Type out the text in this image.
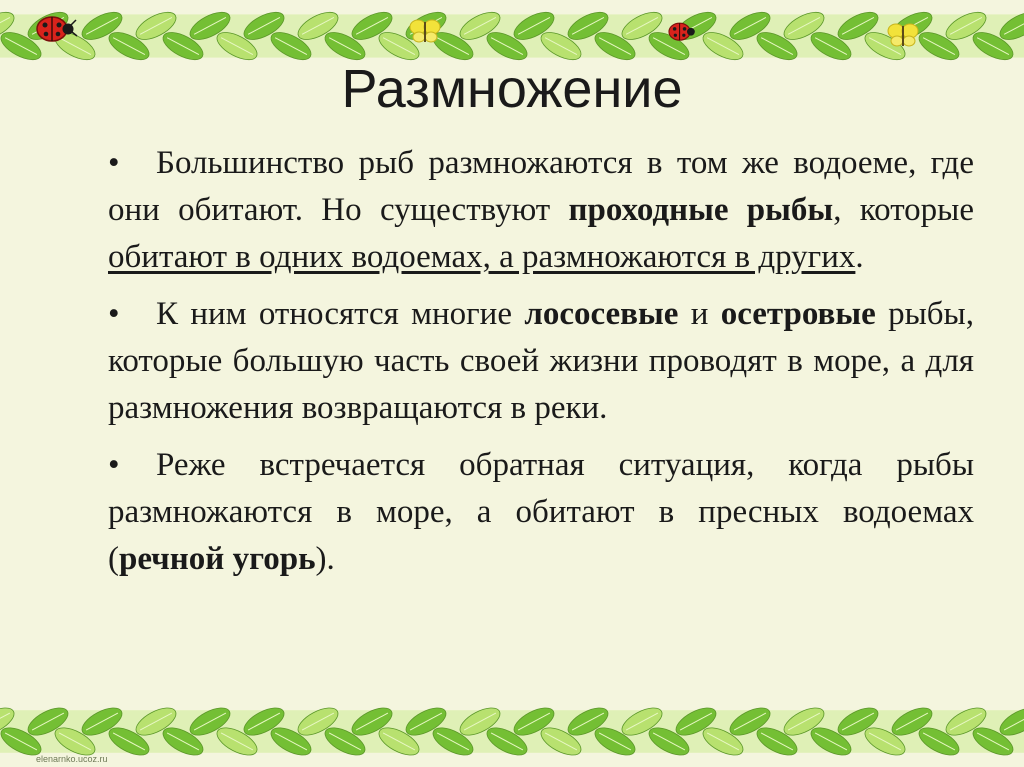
Размножение
•	Большинство рыб размножаются в том же водоеме, где они обитают. Но существуют проходные рыбы, которые обитают в одних водоемах, а размножаются в других.
•	К ним относятся многие лососевые и осетровые рыбы, которые большую часть своей жизни проводят в море, а для размножения возвращаются в реки.
•	Реже встречается обратная ситуация, когда рыбы размножаются в море, а обитают в пресных водоемах (речной угорь).
elenarnko.ucoz.ru
